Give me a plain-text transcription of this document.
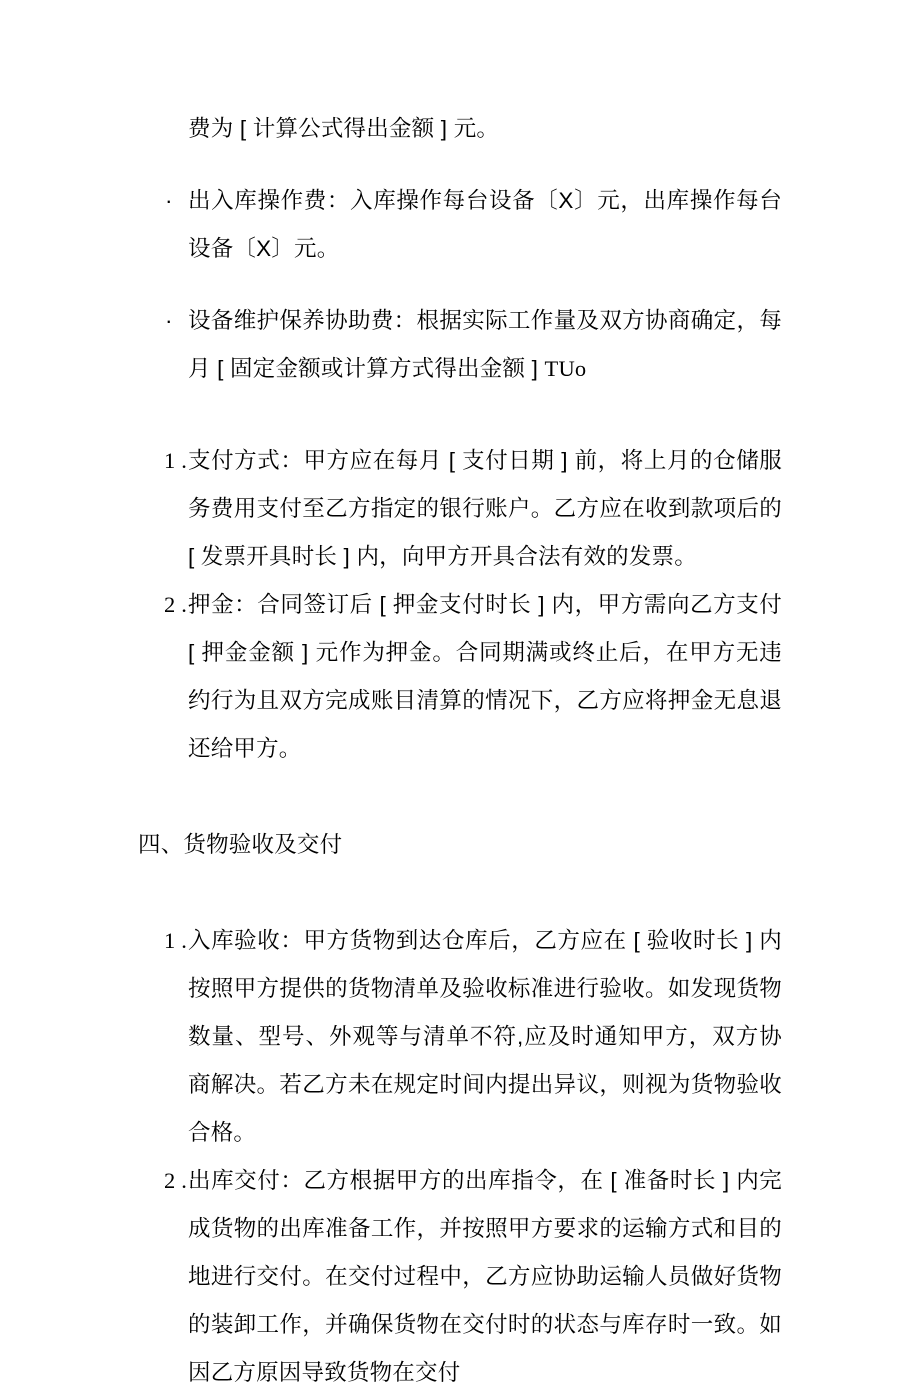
费为 [ 计算公式得出金额 ] 元。

· 出入库操作费：入库操作每台设备〔X〕元，出库操作每台设备〔X〕元。
· 设备维护保养协助费：根据实际工作量及双方协商确定，每月 [ 固定金额或计算方式得出金额 ] TUo
1 . 支付方式：甲方应在每月 [ 支付日期 ] 前，将上月的仓储服务费用支付至乙方指定的银行账户。乙方应在收到款项后的 [ 发票开具时长 ] 内，向甲方开具合法有效的发票。
2 . 押金：合同签订后 [ 押金支付时长 ] 内，甲方需向乙方支付 [ 押金金额 ] 元作为押金。合同期满或终止后，在甲方无违约行为且双方完成账目清算的情况下，乙方应将押金无息退还给甲方。
四、货物验收及交付
1 . 入库验收：甲方货物到达仓库后，乙方应在 [ 验收时长 ] 内按照甲方提供的货物清单及验收标准进行验收。如发现货物数量、型号、外观等与清单不符,应及时通知甲方，双方协商解决。若乙方未在规定时间内提出异议，则视为货物验收合格。
2 . 出库交付：乙方根据甲方的出库指令，在 [ 准备时长 ] 内完成货物的出库准备工作，并按照甲方要求的运输方式和目的地进行交付。在交付过程中，乙方应协助运输人员做好货物的装卸工作，并确保货物在交付时的状态与库存时一致。如因乙方原因导致货物在交付
